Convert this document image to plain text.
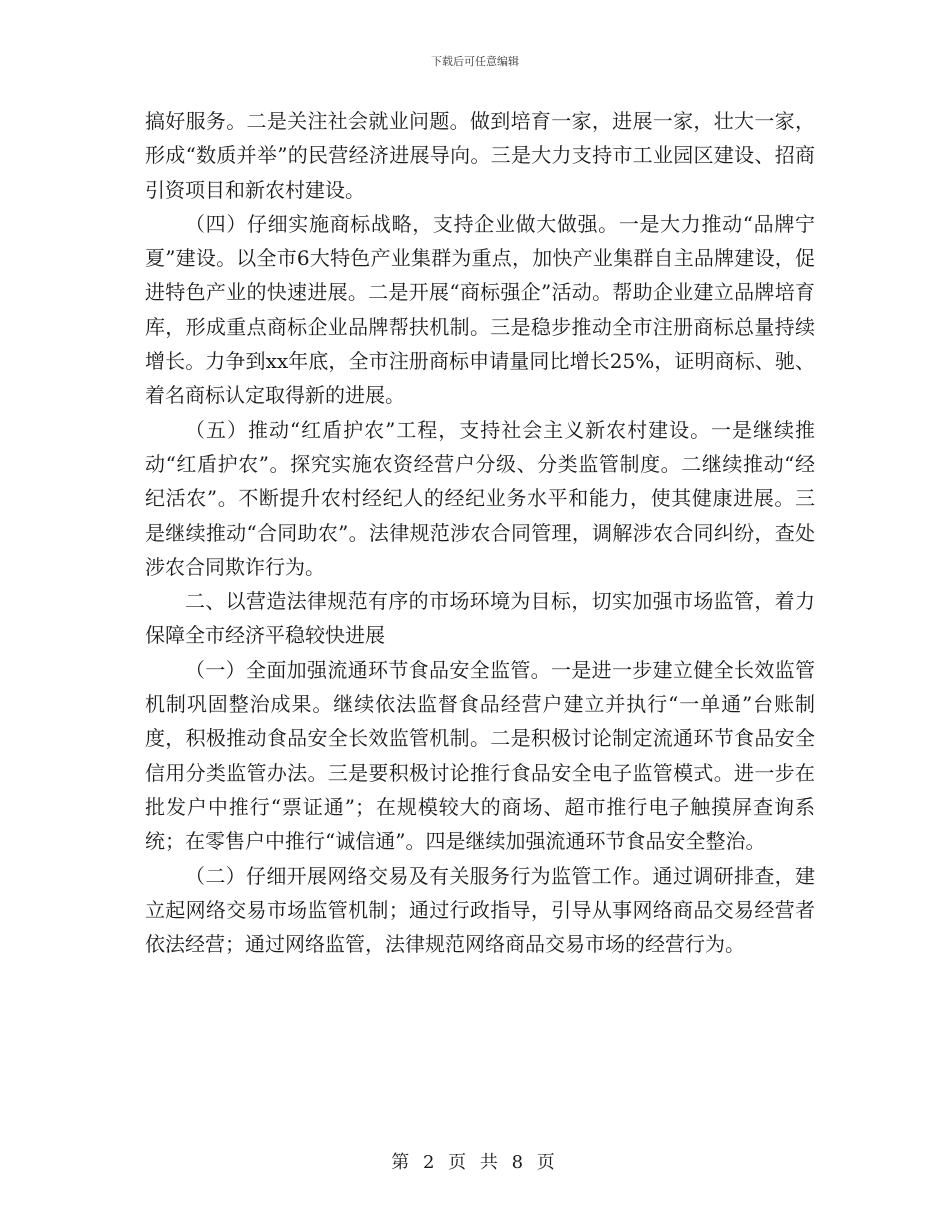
下载后可任意编辑

搞好服务。二是关注社会就业问题。做到培育一家，进展一家，壮大一家，形成“数质并举”的民营经济进展导向。三是大力支持市工业园区建设、招商引资项目和新农村建设。

（四）仔细实施商标战略，支持企业做大做强。一是大力推动“品牌宁夏”建设。以全市6大特色产业集群为重点，加快产业集群自主品牌建设，促进特色产业的快速进展。二是开展“商标强企”活动。帮助企业建立品牌培育库，形成重点商标企业品牌帮扶机制。三是稳步推动全市注册商标总量持续增长。力争到xx年底，全市注册商标申请量同比增长25%，证明商标、驰、着名商标认定取得新的进展。

（五）推动“红盾护农”工程，支持社会主义新农村建设。一是继续推动“红盾护农”。探究实施农资经营户分级、分类监管制度。二继续推动“经纪活农”。不断提升农村经纪人的经纪业务水平和能力，使其健康进展。三是继续推动“合同助农”。法律规范涉农合同管理，调解涉农合同纠纷，查处涉农合同欺诈行为。

二、以营造法律规范有序的市场环境为目标，切实加强市场监管，着力保障全市经济平稳较快进展

（一）全面加强流通环节食品安全监管。一是进一步建立健全长效监管机制巩固整治成果。继续依法监督食品经营户建立并执行“一单通”台账制度，积极推动食品安全长效监管机制。二是积极讨论制定流通环节食品安全信用分类监管办法。三是要积极讨论推行食品安全电子监管模式。进一步在批发户中推行“票证通”；在规模较大的商场、超市推行电子触摸屏查询系统；在零售户中推行“诚信通”。四是继续加强流通环节食品安全整治。

（二）仔细开展网络交易及有关服务行为监管工作。通过调研排查，建立起网络交易市场监管机制；通过行政指导，引导从事网络商品交易经营者依法经营；通过网络监管，法律规范网络商品交易市场的经营行为。

第 2 页 共 8 页
